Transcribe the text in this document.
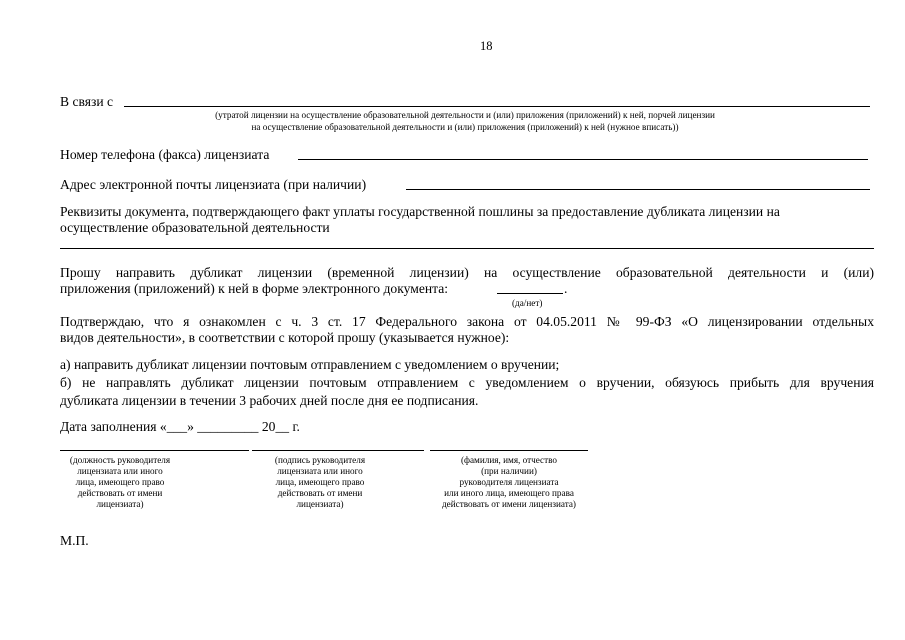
18
В связи с
(утратой лицензии на осуществление образовательной деятельности и (или) приложения (приложений) к ней, порчей лицензии
на осуществление образовательной деятельности и (или) приложения (приложений) к ней (нужное вписать))
Номер телефона (факса) лицензиата
Адрес электронной почты лицензиата (при наличии)
Реквизиты документа, подтверждающего факт уплаты государственной пошлины за предоставление дубликата лицензии на
осуществление образовательной деятельности
Прошу направить дубликат лицензии (временной лицензии) на осуществление образовательной деятельности и (или)
приложения (приложений) к ней в форме электронного документа:	.
(да/нет)
Подтверждаю, что я ознакомлен с ч. 3 ст. 17 Федерального закона от 04.05.2011 № 99-ФЗ «О лицензировании отдельных
видов деятельности», в соответствии с которой прошу (указывается нужное):
а) направить дубликат лицензии почтовым отправлением с уведомлением о вручении;
б) не направлять дубликат лицензии почтовым отправлением с уведомлением о вручении, обязуюсь прибыть для вручения
дубликата лицензии в течении 3 рабочих дней после дня ее подписания.
Дата заполнения «___» _________ 20__ г.
(должность руководителя
лицензиата или иного
лица, имеющего право
действовать от имени
лицензиата)
(подпись руководителя
лицензиата или иного
лица, имеющего право
действовать от имени
лицензиата)
(фамилия, имя, отчество
(при наличии)
руководителя лицензиата
или иного лица, имеющего права
действовать от имени лицензиата)
М.П.
